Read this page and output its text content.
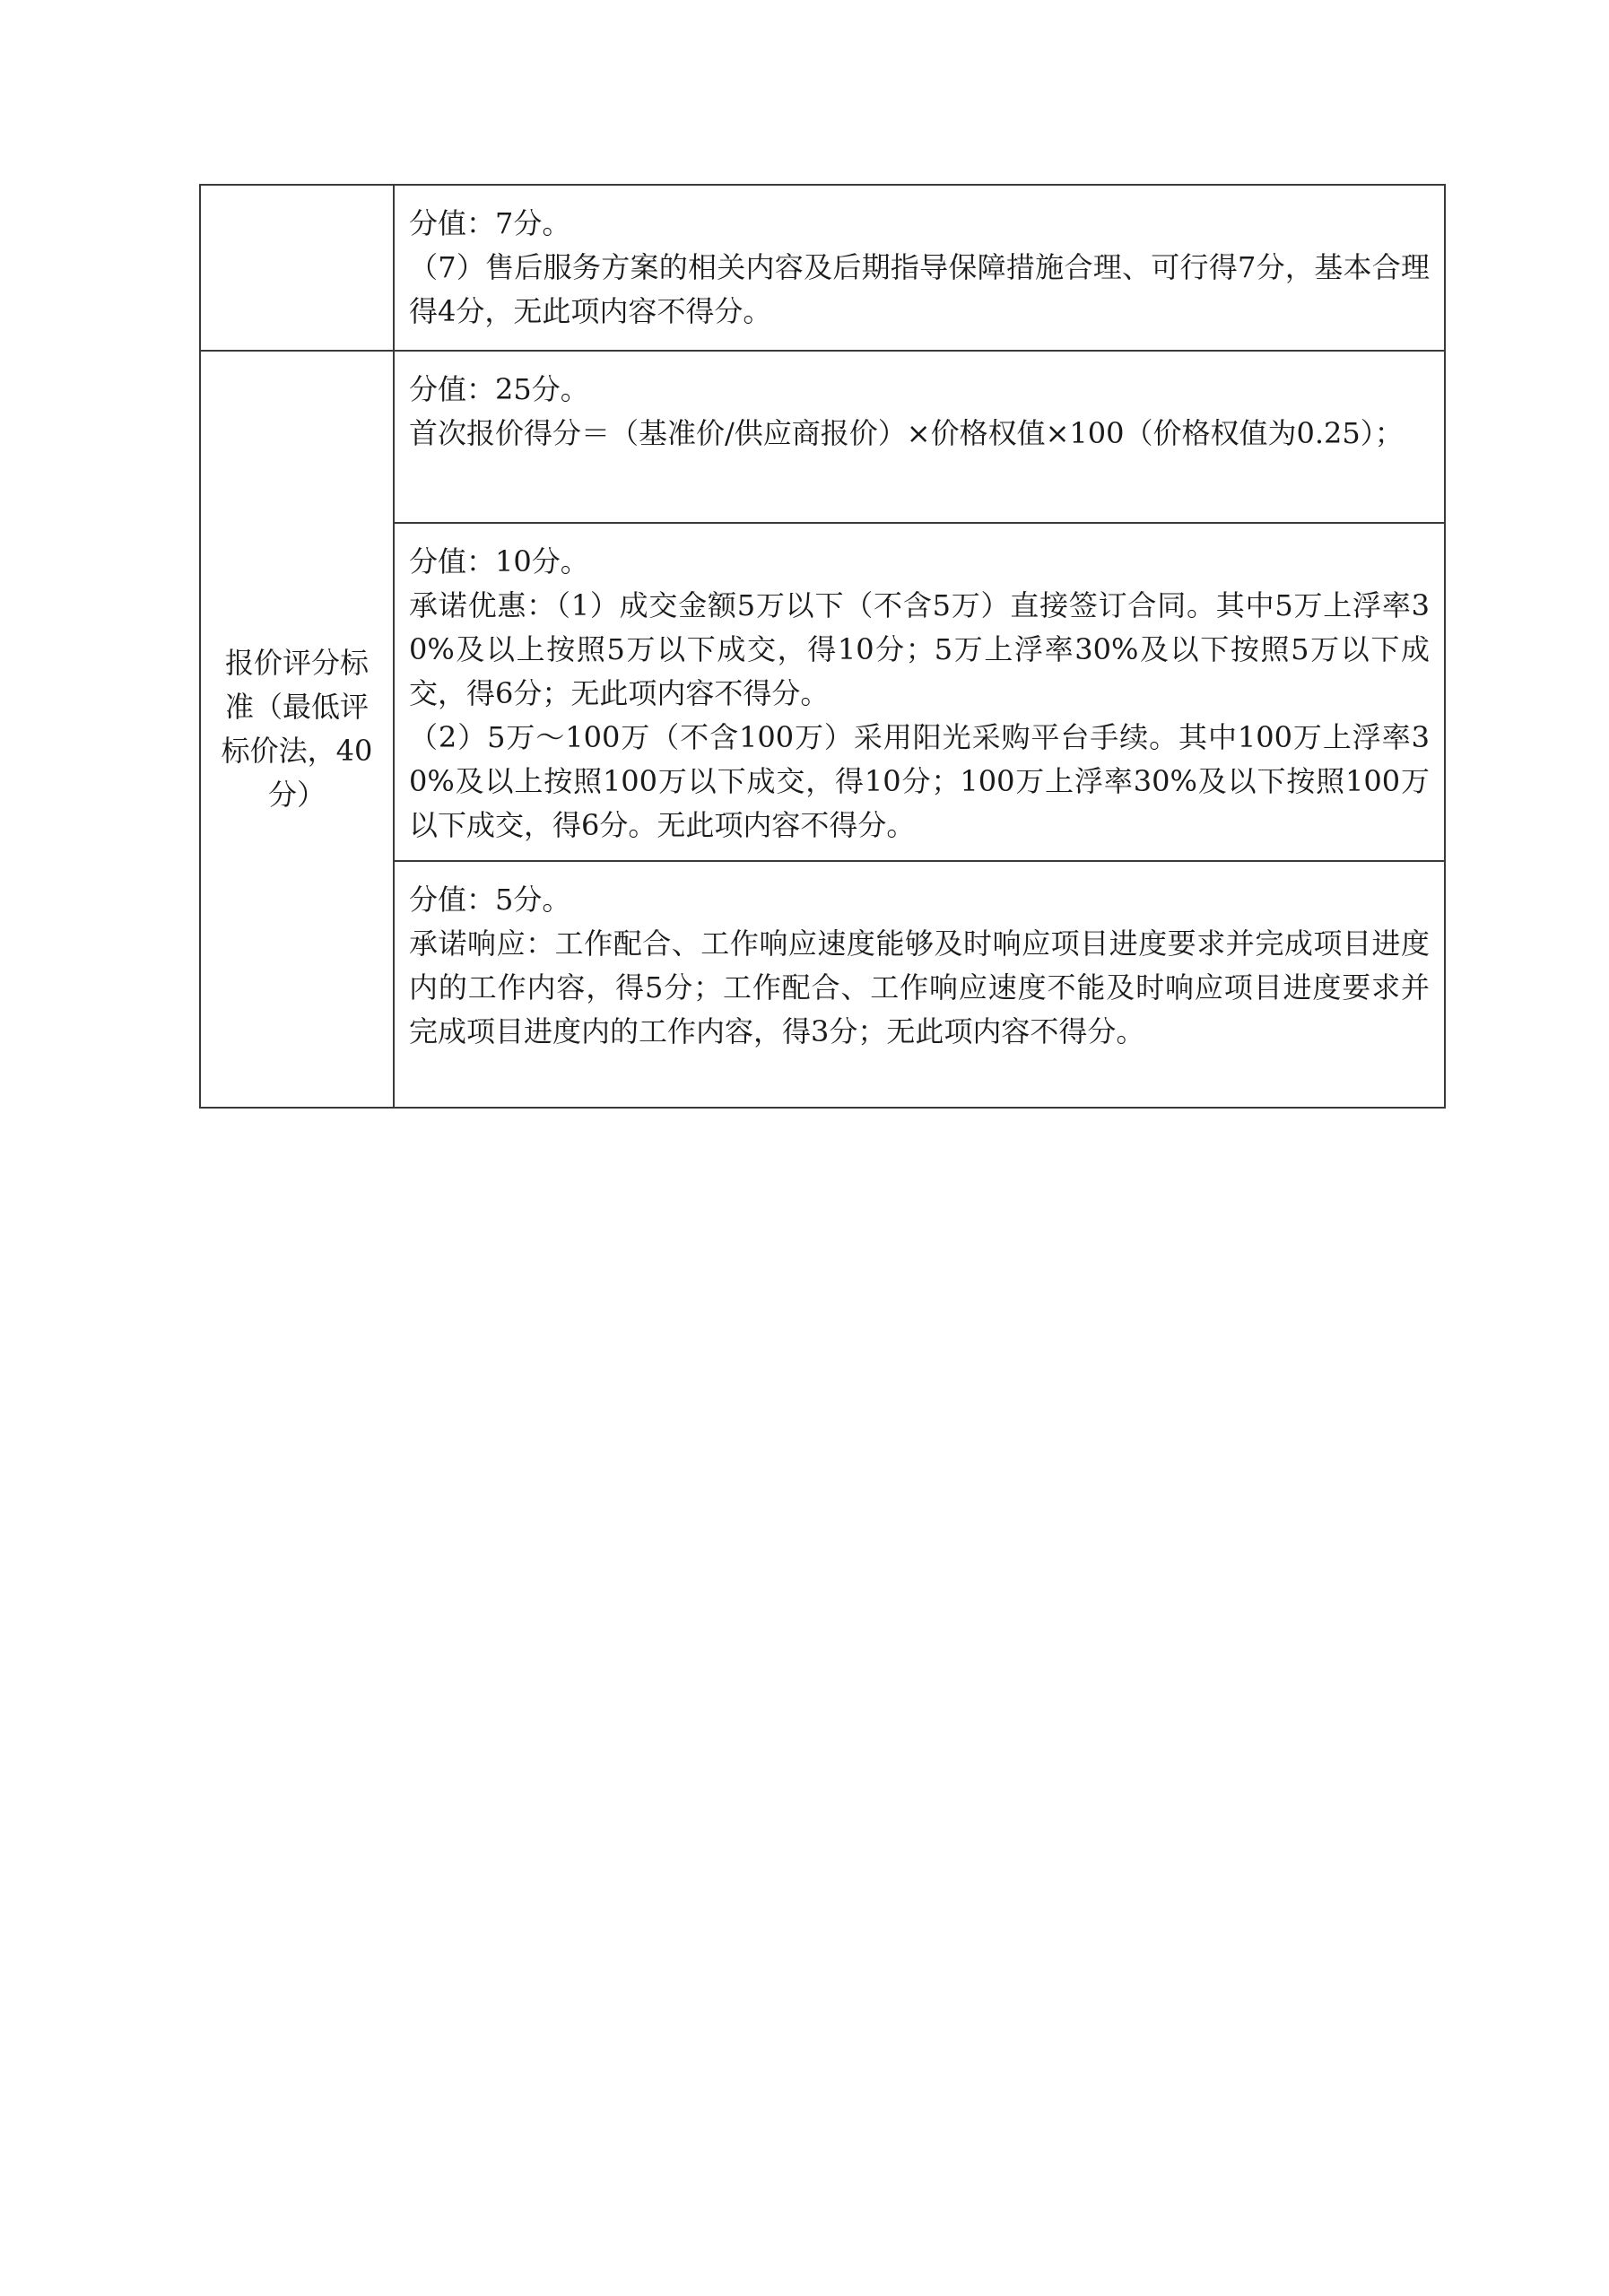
	分值：7分。

（7）售后服务方案的相关内容及后期指导保障措施合理、可行得7分，基本合理得4分，无此项内容不得分。

报价评分标准（最低评标价法，40分）	分值：25分。

首次报价得分＝（基准价/供应商报价）×价格权值×100（价格权值为0.25）；

	分值：10分。

承诺优惠：（1）成交金额5万以下（不含5万）直接签订合同。其中5万上浮率30%及以上按照5万以下成交，得10分；5万上浮率30%及以下按照5万以下成交，得6分；无此项内容不得分。

（2）5万～100万（不含100万）采用阳光采购平台手续。其中100万上浮率30%及以上按照100万以下成交，得10分；100万上浮率30%及以下按照100万以下成交，得6分。无此项内容不得分。

	分值：5分。

承诺响应：工作配合、工作响应速度能够及时响应项目进度要求并完成项目进度内的工作内容，得5分；工作配合、工作响应速度不能及时响应项目进度要求并完成项目进度内的工作内容，得3分；无此项内容不得分。
